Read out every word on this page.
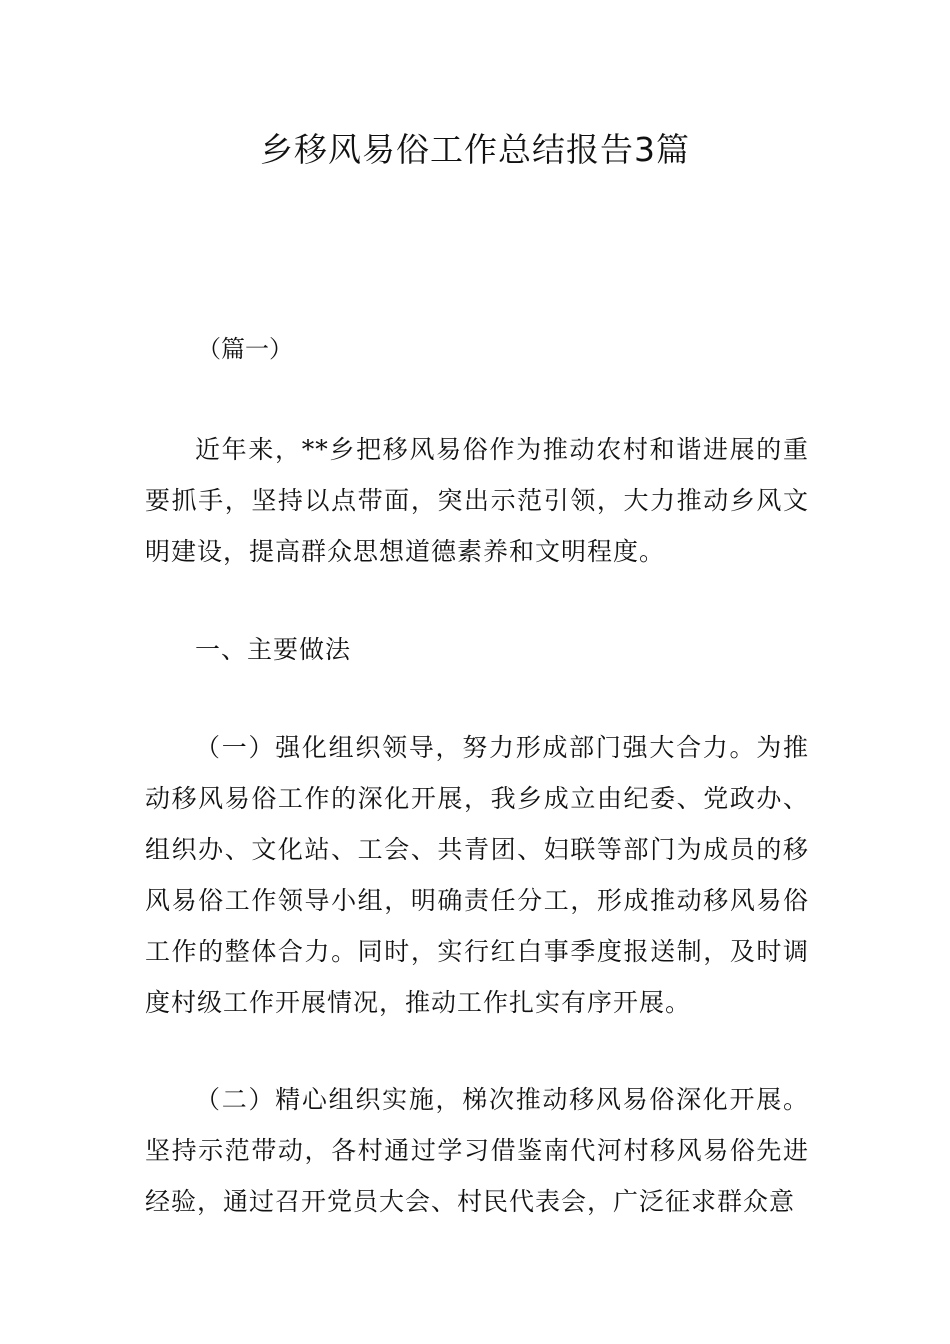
乡移风易俗工作总结报告3篇

（篇一）

近年来，**乡把移风易俗作为推动农村和谐进展的重要抓手，坚持以点带面，突出示范引领，大力推动乡风文明建设，提高群众思想道德素养和文明程度。

一、主要做法

（一）强化组织领导，努力形成部门强大合力。为推动移风易俗工作的深化开展，我乡成立由纪委、党政办、组织办、文化站、工会、共青团、妇联等部门为成员的移风易俗工作领导小组，明确责任分工，形成推动移风易俗工作的整体合力。同时，实行红白事季度报送制，及时调度村级工作开展情况，推动工作扎实有序开展。

（二）精心组织实施，梯次推动移风易俗深化开展。坚持示范带动，各村通过学习借鉴南代河村移风易俗先进经验，通过召开党员大会、村民代表会，广泛征求群众意
